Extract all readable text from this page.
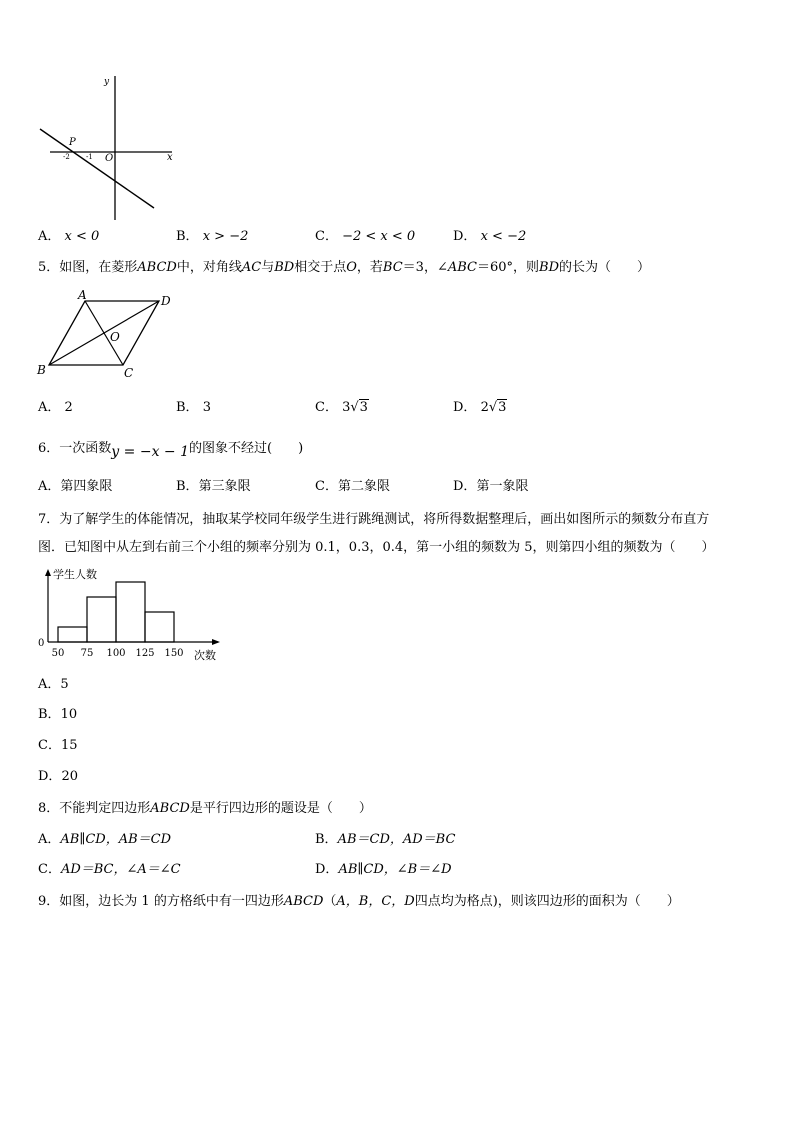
y
x
P
O
-2 -1
A． x < 0	B． x > −2	C． −2 < x < 0	D． x < −2
5．如图，在菱形ABCD中，对角线AC与BD相交于点O，若BC＝3，∠ABC＝60°，则BD的长为（　　）
A	D
B	C
O
A． 2	B． 3	C． 3√3	D． 2√3
6．一次函数y = −x − 1的图象不经过(　　)
A．第四象限	B．第三象限	C．第二象限	D．第一象限
7．为了解学生的体能情况，抽取某学校同年级学生进行跳绳测试，将所得数据整理后，画出如图所示的频数分布直方
图．已知图中从左到右前三个小组的频率分别为 0.1，0.3，0.4，第一小组的频数为 5，则第四小组的频数为（　　）
50 75 100 125 150
0
学生人数
次数
A．5
B．10
C．15
D．20
8．不能判定四边形ABCD是平行四边形的题设是（　　）
A．AB∥CD，AB＝CD	B．AB＝CD，AD＝BC
C．AD＝BC，∠A＝∠C	D．AB∥CD，∠B＝∠D
9．如图，边长为 1 的方格纸中有一四边形ABCD（A，B，C，D四点均为格点)，则该四边形的面积为（　　）
